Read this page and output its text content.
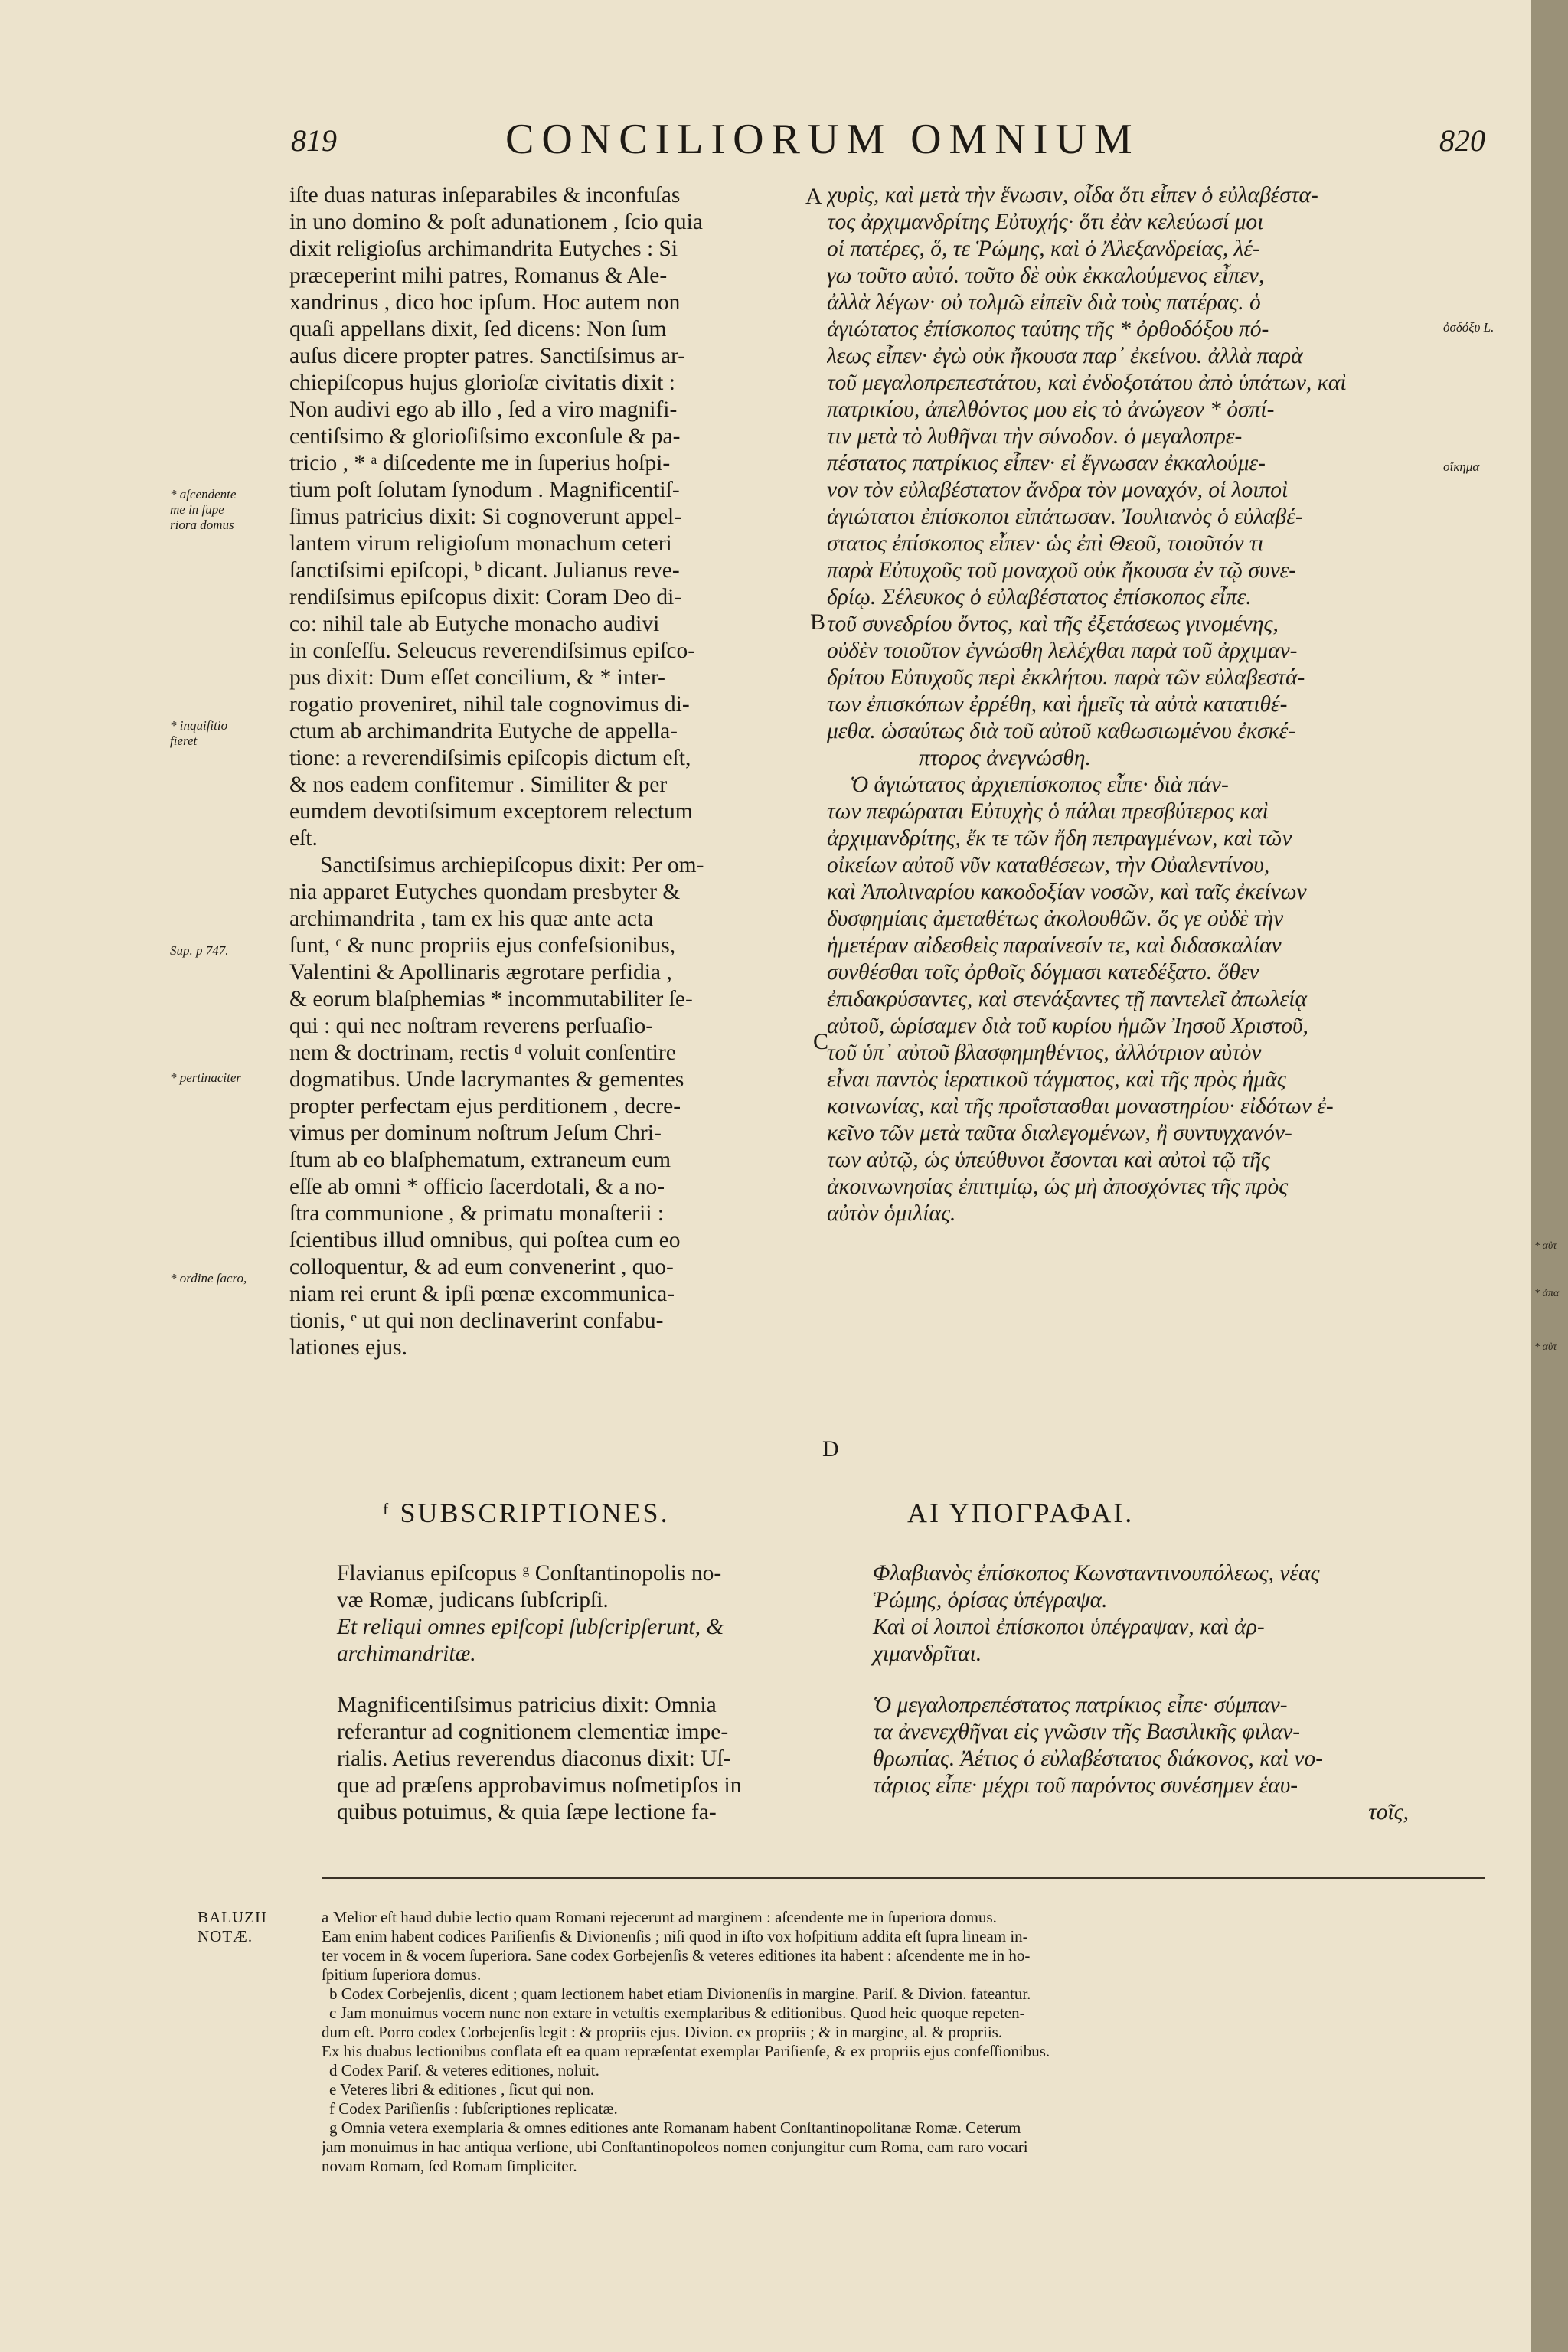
819	CONCILIORUM OMNIUM	820
* aſcendente
me in ſupe
riora domus
* inquiſitio
fieret
Sup. p 747.
* pertinaciter
* ordine ſacro,
ὀσδόξυ L.
οἴκημα
A
B
C
D
iſte duas naturas inſeparabiles & inconfuſas
in uno domino & poſt adunationem , ſcio quia
dixit religioſus archimandrita Eutyches : Si
præceperint mihi patres, Romanus & Ale-
xandrinus , dico hoc ipſum. Hoc autem non
quaſi appellans dixit, ſed dicens: Non ſum
auſus dicere propter patres. Sanctiſsimus ar-
chiepiſcopus hujus glorioſæ civitatis dixit :
Non audivi ego ab illo , ſed a viro magnifi-
centiſsimo & glorioſiſsimo exconſule & pa-
tricio , * ᵃ diſcedente me in ſuperius hoſpi-
tium poſt ſolutam ſynodum . Magnificentiſ-
ſimus patricius dixit: Si cognoverunt appel-
lantem virum religioſum monachum ceteri
ſanctiſsimi epiſcopi, ᵇ dicant. Julianus reve-
rendiſsimus epiſcopus dixit: Coram Deo di-
co: nihil tale ab Eutyche monacho audivi
in conſeſſu. Seleucus reverendiſsimus epiſco-
pus dixit: Dum eſſet concilium, & * inter-
rogatio proveniret, nihil tale cognovimus di-
ctum ab archimandrita Eutyche de appella-
tione: a reverendiſsimis epiſcopis dictum eſt,
& nos eadem confitemur . Similiter & per
eumdem devotiſsimum exceptorem relectum
eſt.
Sanctiſsimus archiepiſcopus dixit: Per om-
nia apparet Eutyches quondam presbyter &
archimandrita , tam ex his quæ ante acta
ſunt, ᶜ & nunc propriis ejus confeſsionibus,
Valentini & Apollinaris ægrotare perfidia ,
& eorum blaſphemias * incommutabiliter ſe-
qui : qui nec noſtram reverens perſuaſio-
nem & doctrinam, rectis ᵈ voluit conſentire
dogmatibus. Unde lacrymantes & gementes
propter perfectam ejus perditionem , decre-
vimus per dominum noſtrum Jeſum Chri-
ſtum ab eo blaſphematum, extraneum eum
eſſe ab omni * officio ſacerdotali, & a no-
ſtra communione , & primatu monaſterii :
ſcientibus illud omnibus, qui poſtea cum eo
colloquentur, & ad eum convenerint , quo-
niam rei erunt & ipſi pœnæ excommunica-
tionis, ᵉ ut qui non declinaverint confabu-
lationes ejus.
χυρὶς, καὶ μετὰ τὴν ἕνωσιν, οἶδα ὅτι εἶπεν ὁ εὐλαβέστα-
τος ἀρχιμανδρίτης Εὐτυχής· ὅτι ἐὰν κελεύωσί μοι
οἱ πατέρες, ὅ, τε Ῥώμης, καὶ ὁ Ἀλεξανδρείας, λέ-
γω τοῦτο αὐτό. τοῦτο δὲ οὐκ ἐκκαλούμενος εἶπεν,
ἀλλὰ λέγων· οὐ τολμῶ εἰπεῖν διὰ τοὺς πατέρας. ὁ
ἁγιώτατος ἐπίσκοπος ταύτης τῆς * ὀρθοδόξου πό-
λεως εἶπεν· ἐγὼ οὐκ ἤκουσα παρ᾽ ἐκείνου. ἀλλὰ παρὰ
τοῦ μεγαλοπρεπεστάτου, καὶ ἐνδοξοτάτου ἀπὸ ὑπάτων, καὶ
πατρικίου, ἀπελθόντος μου εἰς τὸ ἀνώγεον * ὀσπί-
τιν μετὰ τὸ λυθῆναι τὴν σύνοδον. ὁ μεγαλοπρε-
πέστατος πατρίκιος εἶπεν· εἰ ἔγνωσαν ἐκκαλούμε-
νον τὸν εὐλαβέστατον ἄνδρα τὸν μοναχόν, οἱ λοιποὶ
ἁγιώτατοι ἐπίσκοποι εἰπάτωσαν. Ἰουλιανὸς ὁ εὐλαβέ-
στατος ἐπίσκοπος εἶπεν· ὡς ἐπὶ Θεοῦ, τοιοῦτόν τι
παρὰ Εὐτυχοῦς τοῦ μοναχοῦ οὐκ ἤκουσα ἐν τῷ συνε-
δρίῳ. Σέλευκος ὁ εὐλαβέστατος ἐπίσκοπος εἶπε.
τοῦ συνεδρίου ὄντος, καὶ τῆς ἐξετάσεως γινομένης,
οὐδὲν τοιοῦτον ἐγνώσθη λελέχθαι παρὰ τοῦ ἀρχιμαν-
δρίτου Εὐτυχοῦς περὶ ἐκκλήτου. παρὰ τῶν εὐλαβεστά-
των ἐπισκόπων ἐρρέθη, καὶ ἡμεῖς τὰ αὐτὰ κατατιθέ-
μεθα. ὡσαύτως διὰ τοῦ αὐτοῦ καθωσιωμένου ἐκσκέ-
πτορος ἀνεγνώσθη.
Ὁ ἁγιώτατος ἀρχιεπίσκοπος εἶπε· διὰ πάν-
των πεφώραται Εὐτυχὴς ὁ πάλαι πρεσβύτερος καὶ
ἀρχιμανδρίτης, ἔκ τε τῶν ἤδη πεπραγμένων, καὶ τῶν
οἰκείων αὐτοῦ νῦν καταθέσεων, τὴν Οὐαλεντίνου,
καὶ Ἀπολιναρίου κακοδοξίαν νοσῶν, καὶ ταῖς ἐκείνων
δυσφημίαις ἀμεταθέτως ἀκολουθῶν. ὅς γε οὐδὲ τὴν
ἡμετέραν αἰδεσθεὶς παραίνεσίν τε, καὶ διδασκαλίαν
συνθέσθαι τοῖς ὀρθοῖς δόγμασι κατεδέξατο. ὅθεν
ἐπιδακρύσαντες, καὶ στενάξαντες τῇ παντελεῖ ἀπωλείᾳ
αὐτοῦ, ὡρίσαμεν διὰ τοῦ κυρίου ἡμῶν Ἰησοῦ Χριστοῦ,
τοῦ ὑπ᾽ αὐτοῦ βλασφημηθέντος, ἀλλότριον αὐτὸν
εἶναι παντὸς ἱερατικοῦ τάγματος, καὶ τῆς πρὸς ἡμᾶς
κοινωνίας, καὶ τῆς προΐστασθαι μοναστηρίου· εἰδότων ἐ-
κεῖνο τῶν μετὰ ταῦτα διαλεγομένων, ἢ συντυγχανόν-
των αὐτῷ, ὡς ὑπεύθυνοι ἔσονται καὶ αὐτοὶ τῷ τῆς
ἀκοινωνησίας ἐπιτιμίῳ, ὡς μὴ ἀποσχόντες τῆς πρὸς
αὐτὸν ὁμιλίας.
ᶠ SUBSCRIPTIONES.	ΑΙ ΥΠΟΓΡΑΦΑΙ.
Flavianus epiſcopus ᵍ Conſtantinopolis no-
væ Romæ, judicans ſubſcripſi.
Et reliqui omnes epiſcopi ſubſcripſerunt, &
archimandritæ.
Magnificentiſsimus patricius dixit: Omnia
referantur ad cognitionem clementiæ impe-
rialis. Aetius reverendus diaconus dixit: Uſ-
que ad præſens approbavimus noſmetipſos in
quibus potuimus, & quia ſæpe lectione fa-
Φλαβιανὸς ἐπίσκοπος Κωνσταντινουπόλεως, νέας
Ῥώμης, ὁρίσας ὑπέγραψα.
Καὶ οἱ λοιποὶ ἐπίσκοποι ὑπέγραψαν, καὶ ἀρ-
χιμανδρῖται.
Ὁ μεγαλοπρεπέστατος πατρίκιος εἶπε· σύμπαν-
τα ἀνενεχθῆναι εἰς γνῶσιν τῆς Βασιλικῆς φιλαν-
θρωπίας. Ἀέτιος ὁ εὐλαβέστατος διάκονος, καὶ νο-
τάριος εἶπε· μέχρι τοῦ παρόντος συνέσημεν ἑαυ-
τοῖς,
BALUZII
NOTÆ.
a Melior eſt haud dubie lectio quam Romani rejecerunt ad marginem : aſcendente me in ſuperiora domus.
Eam enim habent codices Pariſienſis & Divionenſis ; niſi quod in iſto vox hoſpitium addita eſt ſupra lineam in-
ter vocem in & vocem ſuperiora. Sane codex Gorbejenſis & veteres editiones ita habent : aſcendente me in ho-
ſpitium ſuperiora domus.
b Codex Corbejenſis, dicent ; quam lectionem habet etiam Divionenſis in margine. Pariſ. & Divion. fateantur.
c Jam monuimus vocem nunc non extare in vetuſtis exemplaribus & editionibus. Quod heic quoque repeten-
dum eſt. Porro codex Corbejenſis legit : & propriis ejus. Divion. ex propriis ; & in margine, al. & propriis.
Ex his duabus lectionibus conflata eſt ea quam repræſentat exemplar Pariſienſe, & ex propriis ejus confeſſionibus.
d Codex Pariſ. & veteres editiones, noluit.
e Veteres libri & editiones , ſicut qui non.
f Codex Pariſienſis : ſubſcriptiones replicatæ.
g Omnia vetera exemplaria & omnes editiones ante Romanam habent Conſtantinopolitanæ Romæ. Ceterum
jam monuimus in hac antiqua verſione, ubi Conſtantinopoleos nomen conjungitur cum Roma, eam raro vocari
novam Romam, ſed Romam ſimpliciter.
* αὐτ
* ἀπα
* αὐτ
